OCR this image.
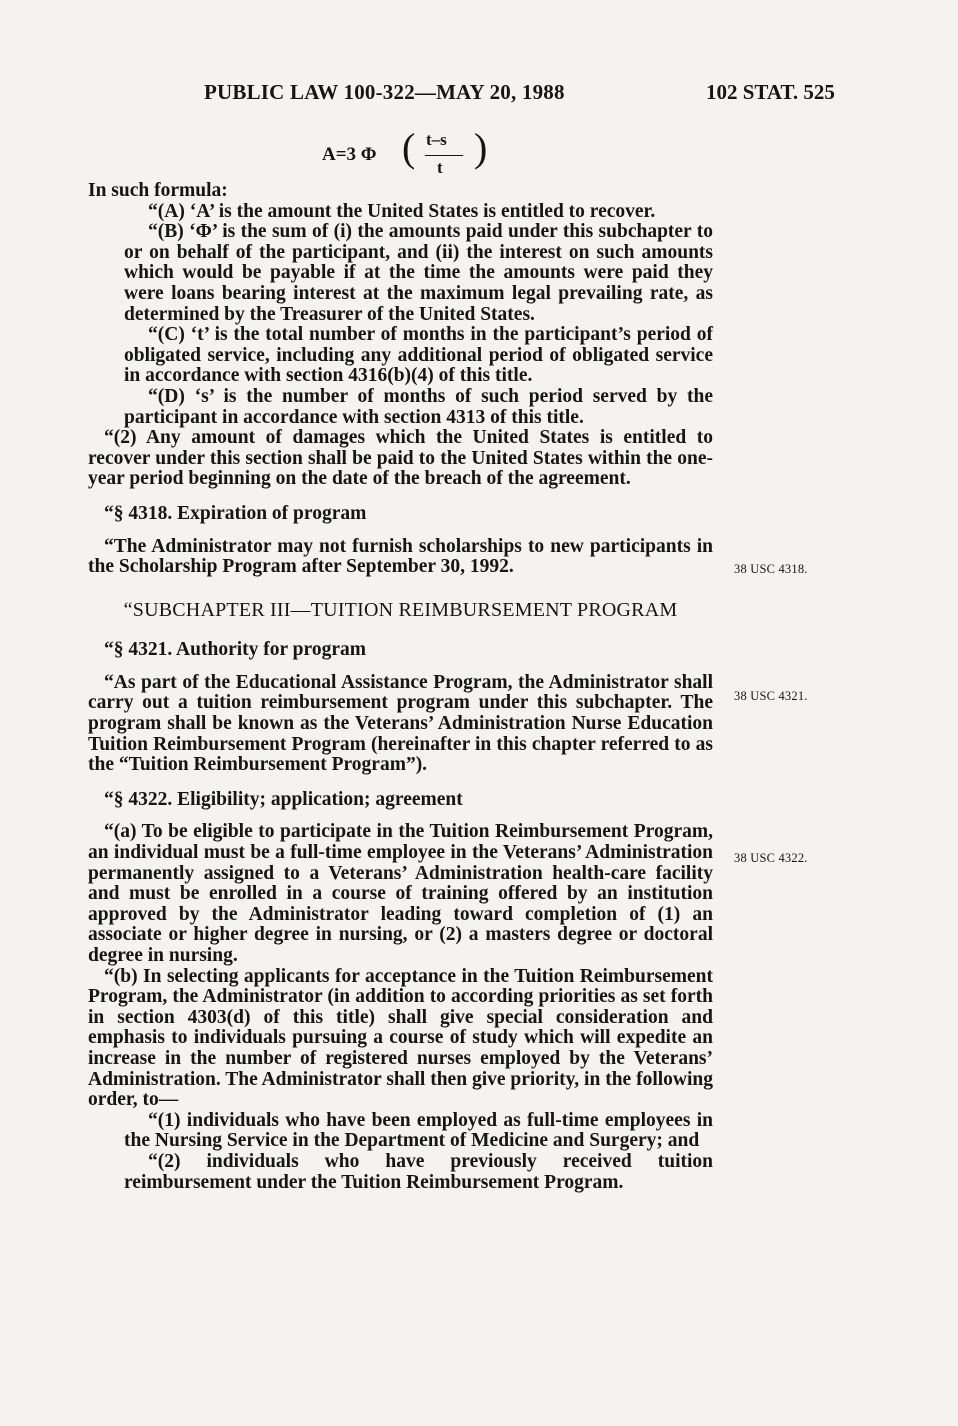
PUBLIC LAW 100-322—MAY 20, 1988	102 STAT. 525
A=3 Φ ( t–s
t )

In such formula:

“(A) ‘A’ is the amount the United States is entitled to recover.

“(B) ‘Φ’ is the sum of (i) the amounts paid under this subchapter to or on behalf of the participant, and (ii) the interest on such amounts which would be payable if at the time the amounts were paid they were loans bearing interest at the maximum legal prevailing rate, as determined by the Treasurer of the United States.

“(C) ‘t’ is the total number of months in the participant’s period of obligated service, including any additional period of obligated service in accordance with section 4316(b)(4) of this title.

“(D) ‘s’ is the number of months of such period served by the participant in accordance with section 4313 of this title.

“(2) Any amount of damages which the United States is entitled to recover under this section shall be paid to the United States within the one-year period beginning on the date of the breach of the agreement.

“§ 4318. Expiration of program

“The Administrator may not furnish scholarships to new participants in the Scholarship Program after September 30, 1992.

“SUBCHAPTER III—TUITION REIMBURSEMENT PROGRAM

“§ 4321. Authority for program

“As part of the Educational Assistance Program, the Administrator shall carry out a tuition reimbursement program under this subchapter. The program shall be known as the Veterans’ Administration Nurse Education Tuition Reimbursement Program (hereinafter in this chapter referred to as the “Tuition Reimbursement Program”).

“§ 4322. Eligibility; application; agreement

“(a) To be eligible to participate in the Tuition Reimbursement Program, an individual must be a full-time employee in the Veterans’ Administration permanently assigned to a Veterans’ Administration health-care facility and must be enrolled in a course of training offered by an institution approved by the Administrator leading toward completion of (1) an associate or higher degree in nursing, or (2) a masters degree or doctoral degree in nursing.

“(b) In selecting applicants for acceptance in the Tuition Reimbursement Program, the Administrator (in addition to according priorities as set forth in section 4303(d) of this title) shall give special consideration and emphasis to individuals pursuing a course of study which will expedite an increase in the number of registered nurses employed by the Veterans’ Administration. The Administrator shall then give priority, in the following order, to—

“(1) individuals who have been employed as full-time employees in the Nursing Service in the Department of Medicine and Surgery; and

“(2) individuals who have previously received tuition reimbursement under the Tuition Reimbursement Program.

38 USC 4318.
38 USC 4321.
38 USC 4322.
